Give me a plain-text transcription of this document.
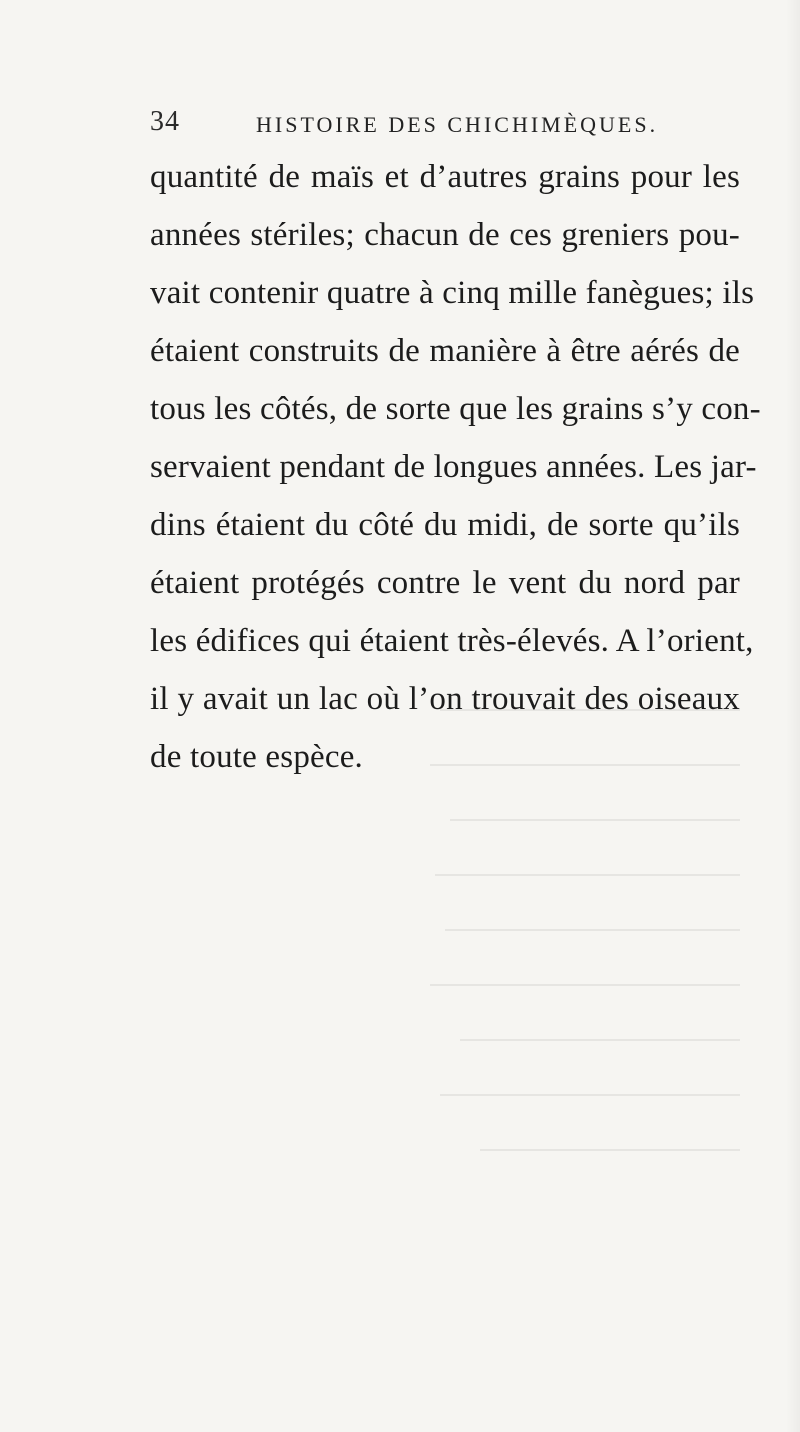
34	HISTOIRE DES CHICHIMÈQUES.
quantité de maïs et d’autres grains pour les
années stériles; chacun de ces greniers pou-
vait contenir quatre à cinq mille fanègues; ils
étaient construits de manière à être aérés de
tous les côtés, de sorte que les grains s’y con-
servaient pendant de longues années. Les jar-
dins étaient du côté du midi, de sorte qu’ils
étaient protégés contre le vent du nord par
les édifices qui étaient très-élevés. A l’orient,
il y avait un lac où l’on trouvait des oiseaux
de toute espèce.
